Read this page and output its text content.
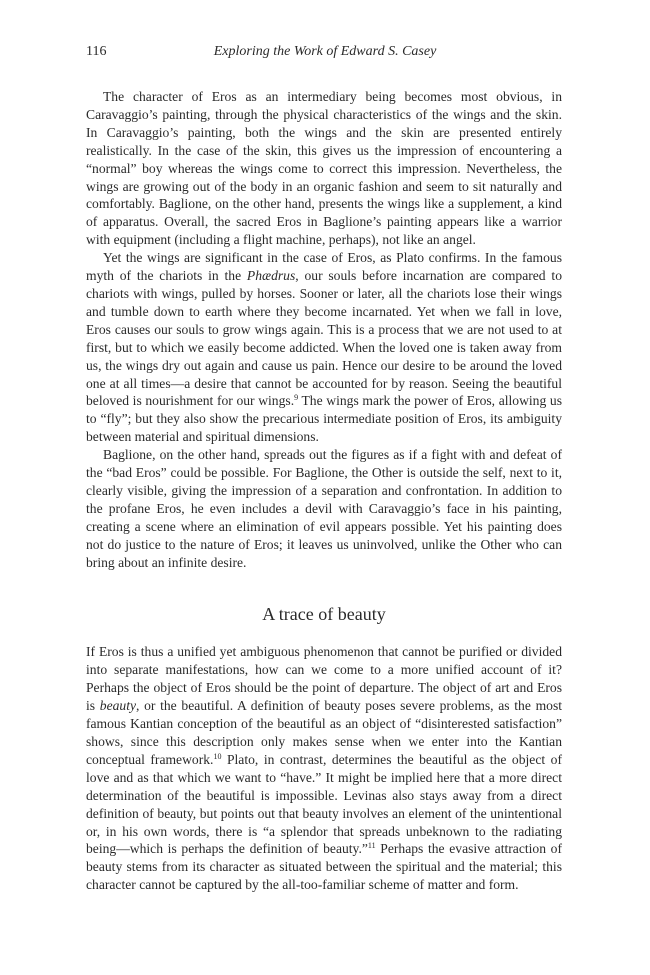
116	Exploring the Work of Edward S. Casey

The character of Eros as an intermediary being becomes most obvious, in Caravaggio’s painting, through the physical characteristics of the wings and the skin. In Caravaggio’s painting, both the wings and the skin are presented entirely realistically. In the case of the skin, this gives us the impression of encountering a “normal” boy whereas the wings come to correct this impression. Nevertheless, the wings are growing out of the body in an organic fashion and seem to sit naturally and comfortably. Baglione, on the other hand, presents the wings like a supplement, a kind of apparatus. Overall, the sacred Eros in Baglione’s painting appears like a warrior with equipment (including a flight machine, perhaps), not like an angel.

Yet the wings are significant in the case of Eros, as Plato confirms. In the famous myth of the chariots in the Phædrus, our souls before incarnation are compared to chariots with wings, pulled by horses. Sooner or later, all the chariots lose their wings and tumble down to earth where they become incarnated. Yet when we fall in love, Eros causes our souls to grow wings again. This is a process that we are not used to at first, but to which we easily become addicted. When the loved one is taken away from us, the wings dry out again and cause us pain. Hence our desire to be around the loved one at all times—a desire that cannot be accounted for by reason. Seeing the beautiful beloved is nourishment for our wings.$^9$ The wings mark the power of Eros, allowing us to “fly”; but they also show the precarious intermediate position of Eros, its ambiguity between material and spiritual dimensions.

Baglione, on the other hand, spreads out the figures as if a fight with and defeat of the “bad Eros” could be possible. For Baglione, the Other is outside the self, next to it, clearly visible, giving the impression of a separation and confrontation. In addition to the profane Eros, he even includes a devil with Caravaggio’s face in his painting, creating a scene where an elimination of evil appears possible. Yet his painting does not do justice to the nature of Eros; it leaves us uninvolved, unlike the Other who can bring about an infinite desire.

A trace of beauty

If Eros is thus a unified yet ambiguous phenomenon that cannot be purified or divided into separate manifestations, how can we come to a more unified account of it? Perhaps the object of Eros should be the point of departure. The object of art and Eros is beauty, or the beautiful. A definition of beauty poses severe problems, as the most famous Kantian conception of the beautiful as an object of “disinterested satisfaction” shows, since this description only makes sense when we enter into the Kantian conceptual framework.$^{10}$ Plato, in contrast, determines the beautiful as the object of love and as that which we want to “have.” It might be implied here that a more direct determination of the beautiful is impossible. Levinas also stays away from a direct definition of beauty, but points out that beauty involves an element of the unintentional or, in his own words, there is “a splendor that spreads unbeknown to the radiating being—which is perhaps the definition of beauty.”$^{11}$ Perhaps the evasive attraction of beauty stems from its character as situated between the spiritual and the material; this character cannot be captured by the all-too-familiar scheme of matter and form.
